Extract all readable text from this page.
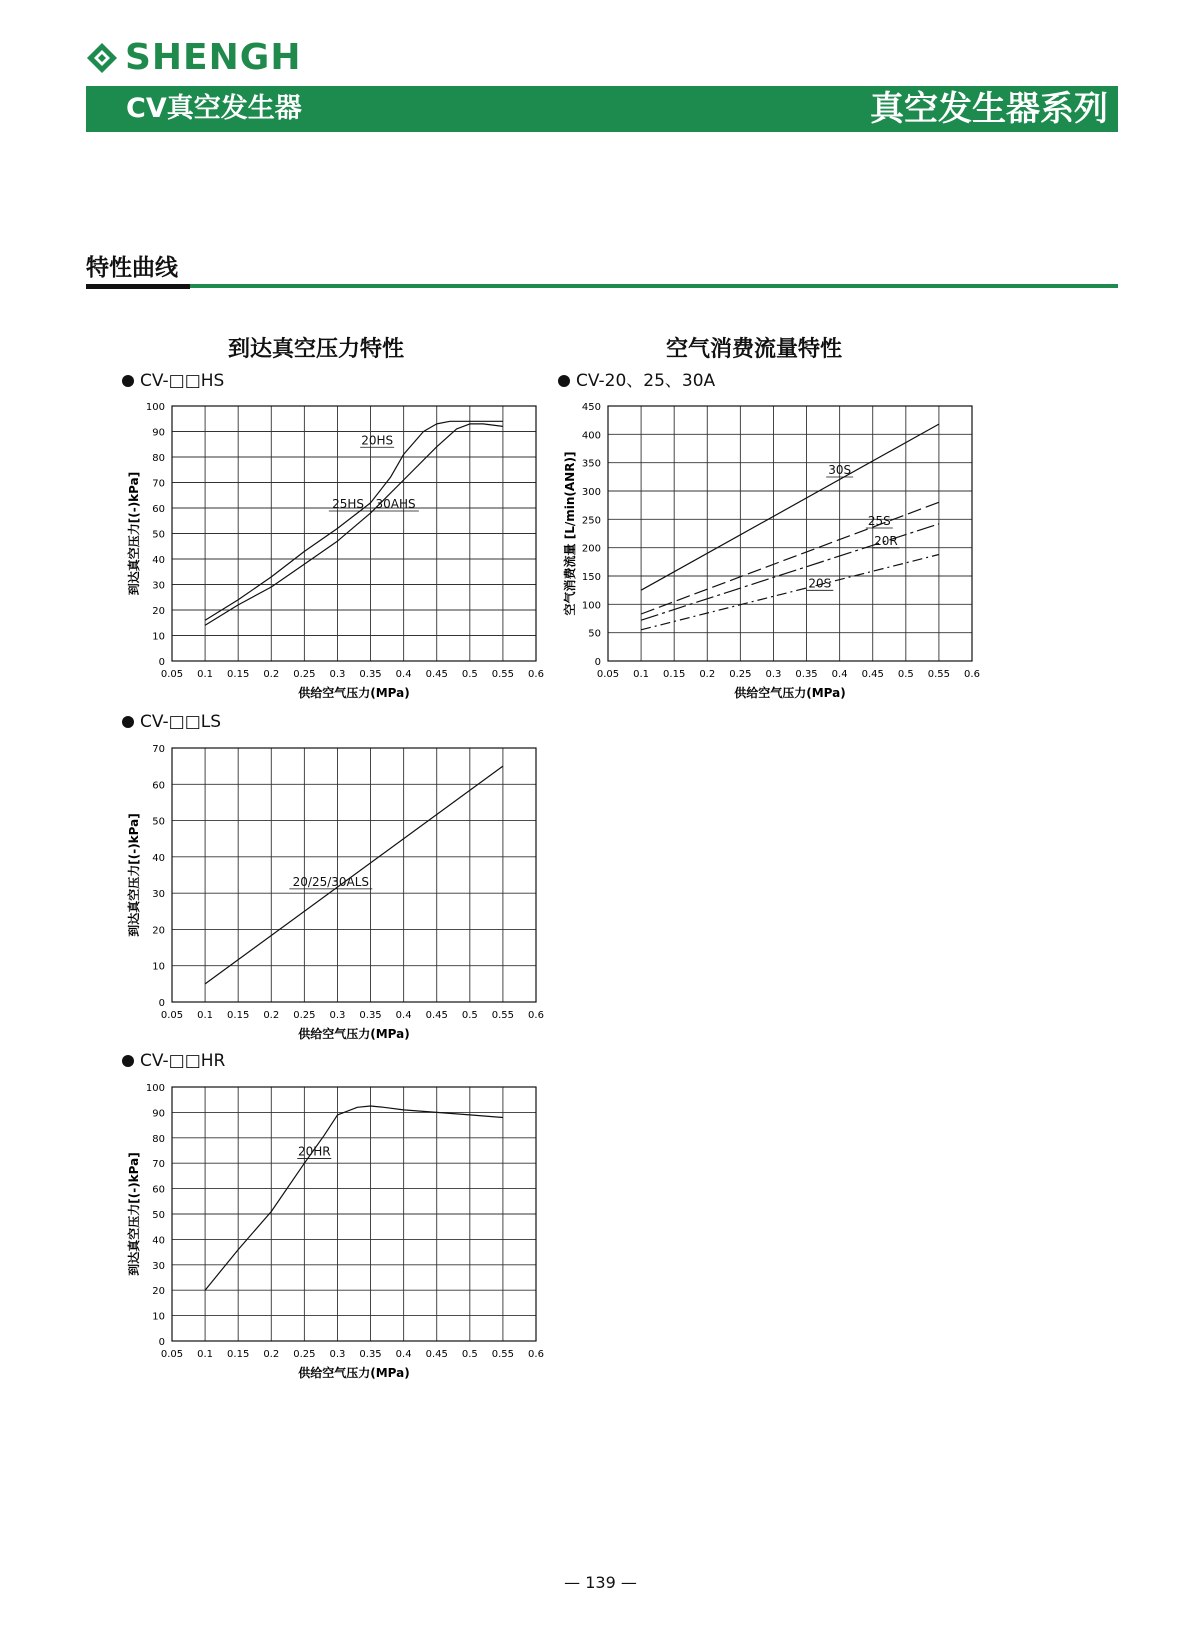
SHENGH
CV真空发生器	真空发生器系列
特性曲线
到达真空压力特性	空气消费流量特性
CV-□□HS
CV-□□LS
CV-□□HR
CV-20、25、30A
0.05 0.1 0.15 0.2 0.25 0.3 0.35 0.4 0.45 0.5 0.55 0.6
0
10
20
30
40
50
60
70
80
90
100
供给空气压力(MPa)
到达真空压力[(-)kPa]
20HS
25HS · 30AHS
0.05 0.1 0.15 0.2 0.25 0.3 0.35 0.4 0.45 0.5 0.55 0.6
0
10
20
30
40
50
60
70
供给空气压力(MPa)
到达真空压力[(-)kPa]	20/25/30ALS
0.05 0.1 0.15 0.2 0.25 0.3 0.35 0.4 0.45 0.5 0.55 0.6
0
10
20
30
40
50
60
70
80
90
100
供给空气压力(MPa)
到达真空压力[(-)kPa]
20HR
0.05 0.1 0.15 0.2 0.25 0.3 0.35 0.4 0.45 0.5 0.55 0.6
0
50
100
150
200
250
300
350
400
450
供给空气压力(MPa)
空气消费流量 [L/min(ANR)]	30S
25S
20R
20S
— 139 —
